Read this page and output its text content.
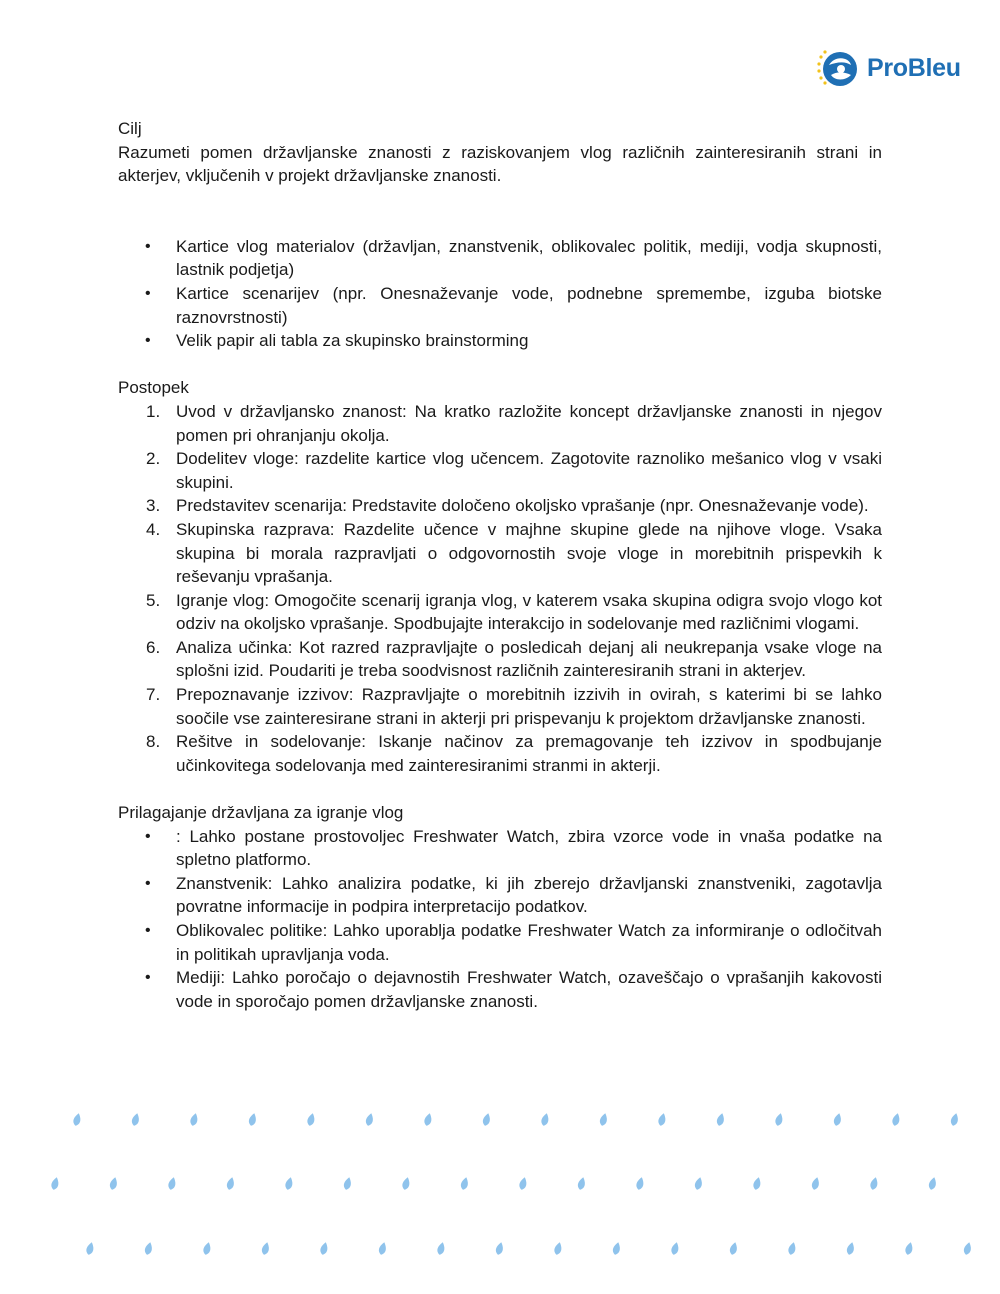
ProBleu

Cilj

Razumeti pomen državljanske znanosti z raziskovanjem vlog različnih zainteresiranih strani in akterjev, vključenih v projekt državljanske znanosti.

• Kartice vlog materialov (državljan, znanstvenik, oblikovalec politik, mediji, vodja skupnosti, lastnik podjetja)
• Kartice scenarijev (npr. Onesnaževanje vode, podnebne spremembe, izguba biotske raznovrstnosti)
• Velik papir ali tabla za skupinsko brainstorming

Postopek

1. Uvod v državljansko znanost: Na kratko razložite koncept državljanske znanosti in njegov pomen pri ohranjanju okolja.
2. Dodelitev vloge: razdelite kartice vlog učencem. Zagotovite raznoliko mešanico vlog v vsaki skupini.
3. Predstavitev scenarija: Predstavite določeno okoljsko vprašanje (npr. Onesnaževanje vode).
4. Skupinska razprava: Razdelite učence v majhne skupine glede na njihove vloge. Vsaka skupina bi morala razpravljati o odgovornostih svoje vloge in morebitnih prispevkih k reševanju vprašanja.
5. Igranje vlog: Omogočite scenarij igranja vlog, v katerem vsaka skupina odigra svojo vlogo kot odziv na okoljsko vprašanje. Spodbujajte interakcijo in sodelovanje med različnimi vlogami.
6. Analiza učinka: Kot razred razpravljajte o posledicah dejanj ali neukrepanja vsake vloge na splošni izid. Poudariti je treba soodvisnost različnih zainteresiranih strani in akterjev.
7. Prepoznavanje izzivov: Razpravljajte o morebitnih izzivih in ovirah, s katerimi bi se lahko soočile vse zainteresirane strani in akterji pri prispevanju k projektom državljanske znanosti.
8. Rešitve in sodelovanje: Iskanje načinov za premagovanje teh izzivov in spodbujanje učinkovitega sodelovanja med zainteresiranimi stranmi in akterji.

Prilagajanje državljana za igranje vlog

• : Lahko postane prostovoljec Freshwater Watch, zbira vzorce vode in vnaša podatke na spletno platformo.
• Znanstvenik: Lahko analizira podatke, ki jih zberejo državljanski znanstveniki, zagotavlja povratne informacije in podpira interpretacijo podatkov.
• Oblikovalec politike: Lahko uporablja podatke Freshwater Watch za informiranje o odločitvah in politikah upravljanja voda.
• Mediji: Lahko poročajo o dejavnostih Freshwater Watch, ozaveščajo o vprašanjih kakovosti vode in sporočajo pomen državljanske znanosti.
